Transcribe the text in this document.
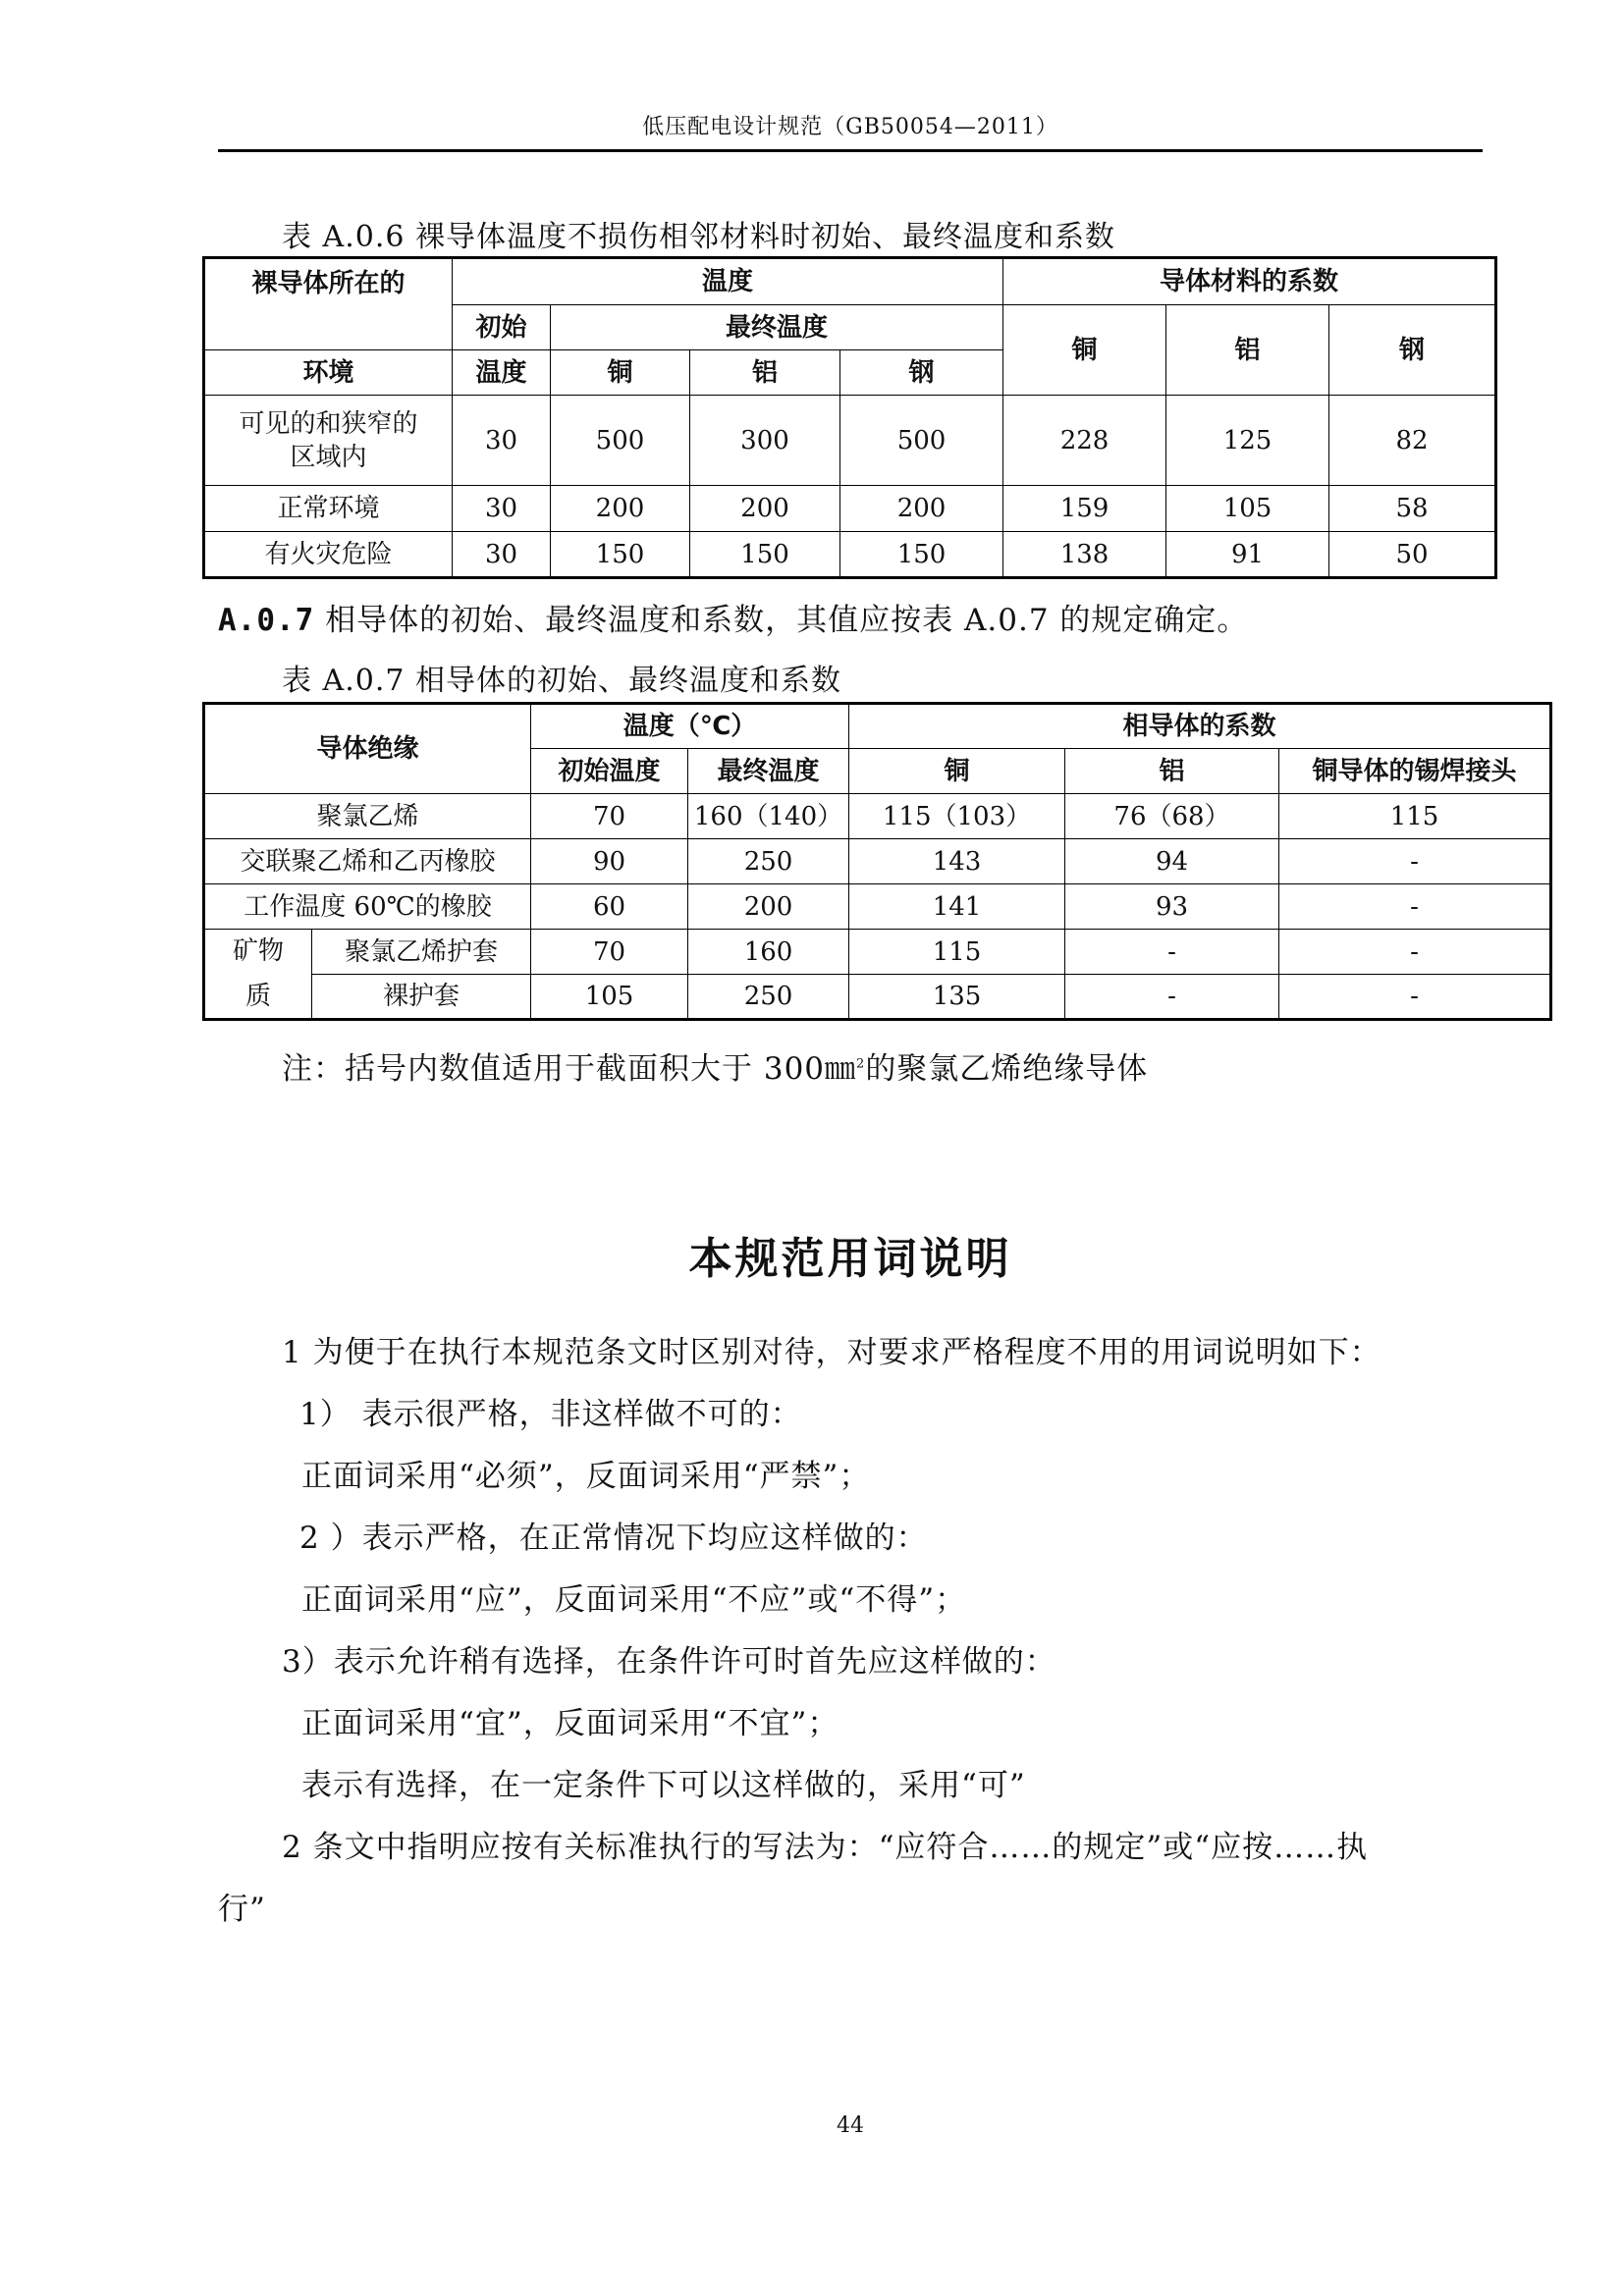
低压配电设计规范（GB50054—2011）
表 A.0.6 裸导体温度不损伤相邻材料时初始、最终温度和系数
裸导体所在的	温度				导体材料的系数		
	初始	最终温度			铜	铝	钢
环境	温度	铜	铝	钢			

可见的和狭窄的
区域内	30	500	300	500	228	125	82
正常环境	30	200	200	200	159	105	58
有火灾危险	30	150	150	150	138	91	50
A.0.7 相导体的初始、最终温度和系数，其值应按表 A.0.7 的规定确定。
表 A.0.7 相导体的初始、最终温度和系数
导体绝缘		温度（℃）		相导体的系数		
		初始温度	最终温度	铜	铝	铜导体的锡焊接头
聚氯乙烯		70	160（140）	115（103）	76（68）	115
交联聚乙烯和乙丙橡胶		90	250	143	94	-
工作温度 60℃的橡胶		60	200	141	93	-

矿物
质	聚氯乙烯护套	70	160	115	-	-
	裸护套	105	250	135	-	-
注：括号内数值适用于截面积大于 300㎜$^2$的聚氯乙烯绝缘导体
本规范用词说明
1 为便于在执行本规范条文时区别对待，对要求严格程度不用的用词说明如下：
1） 表示很严格，非这样做不可的：
正面词采用“必须”，反面词采用“严禁”；
2 ）表示严格，在正常情况下均应这样做的：
正面词采用“应”，反面词采用“不应”或“不得”；
3）表示允许稍有选择，在条件许可时首先应这样做的：
正面词采用“宜”，反面词采用“不宜”；
表示有选择，在一定条件下可以这样做的，采用“可”
2 条文中指明应按有关标准执行的写法为：“应符合……的规定”或“应按……执
行”
44
